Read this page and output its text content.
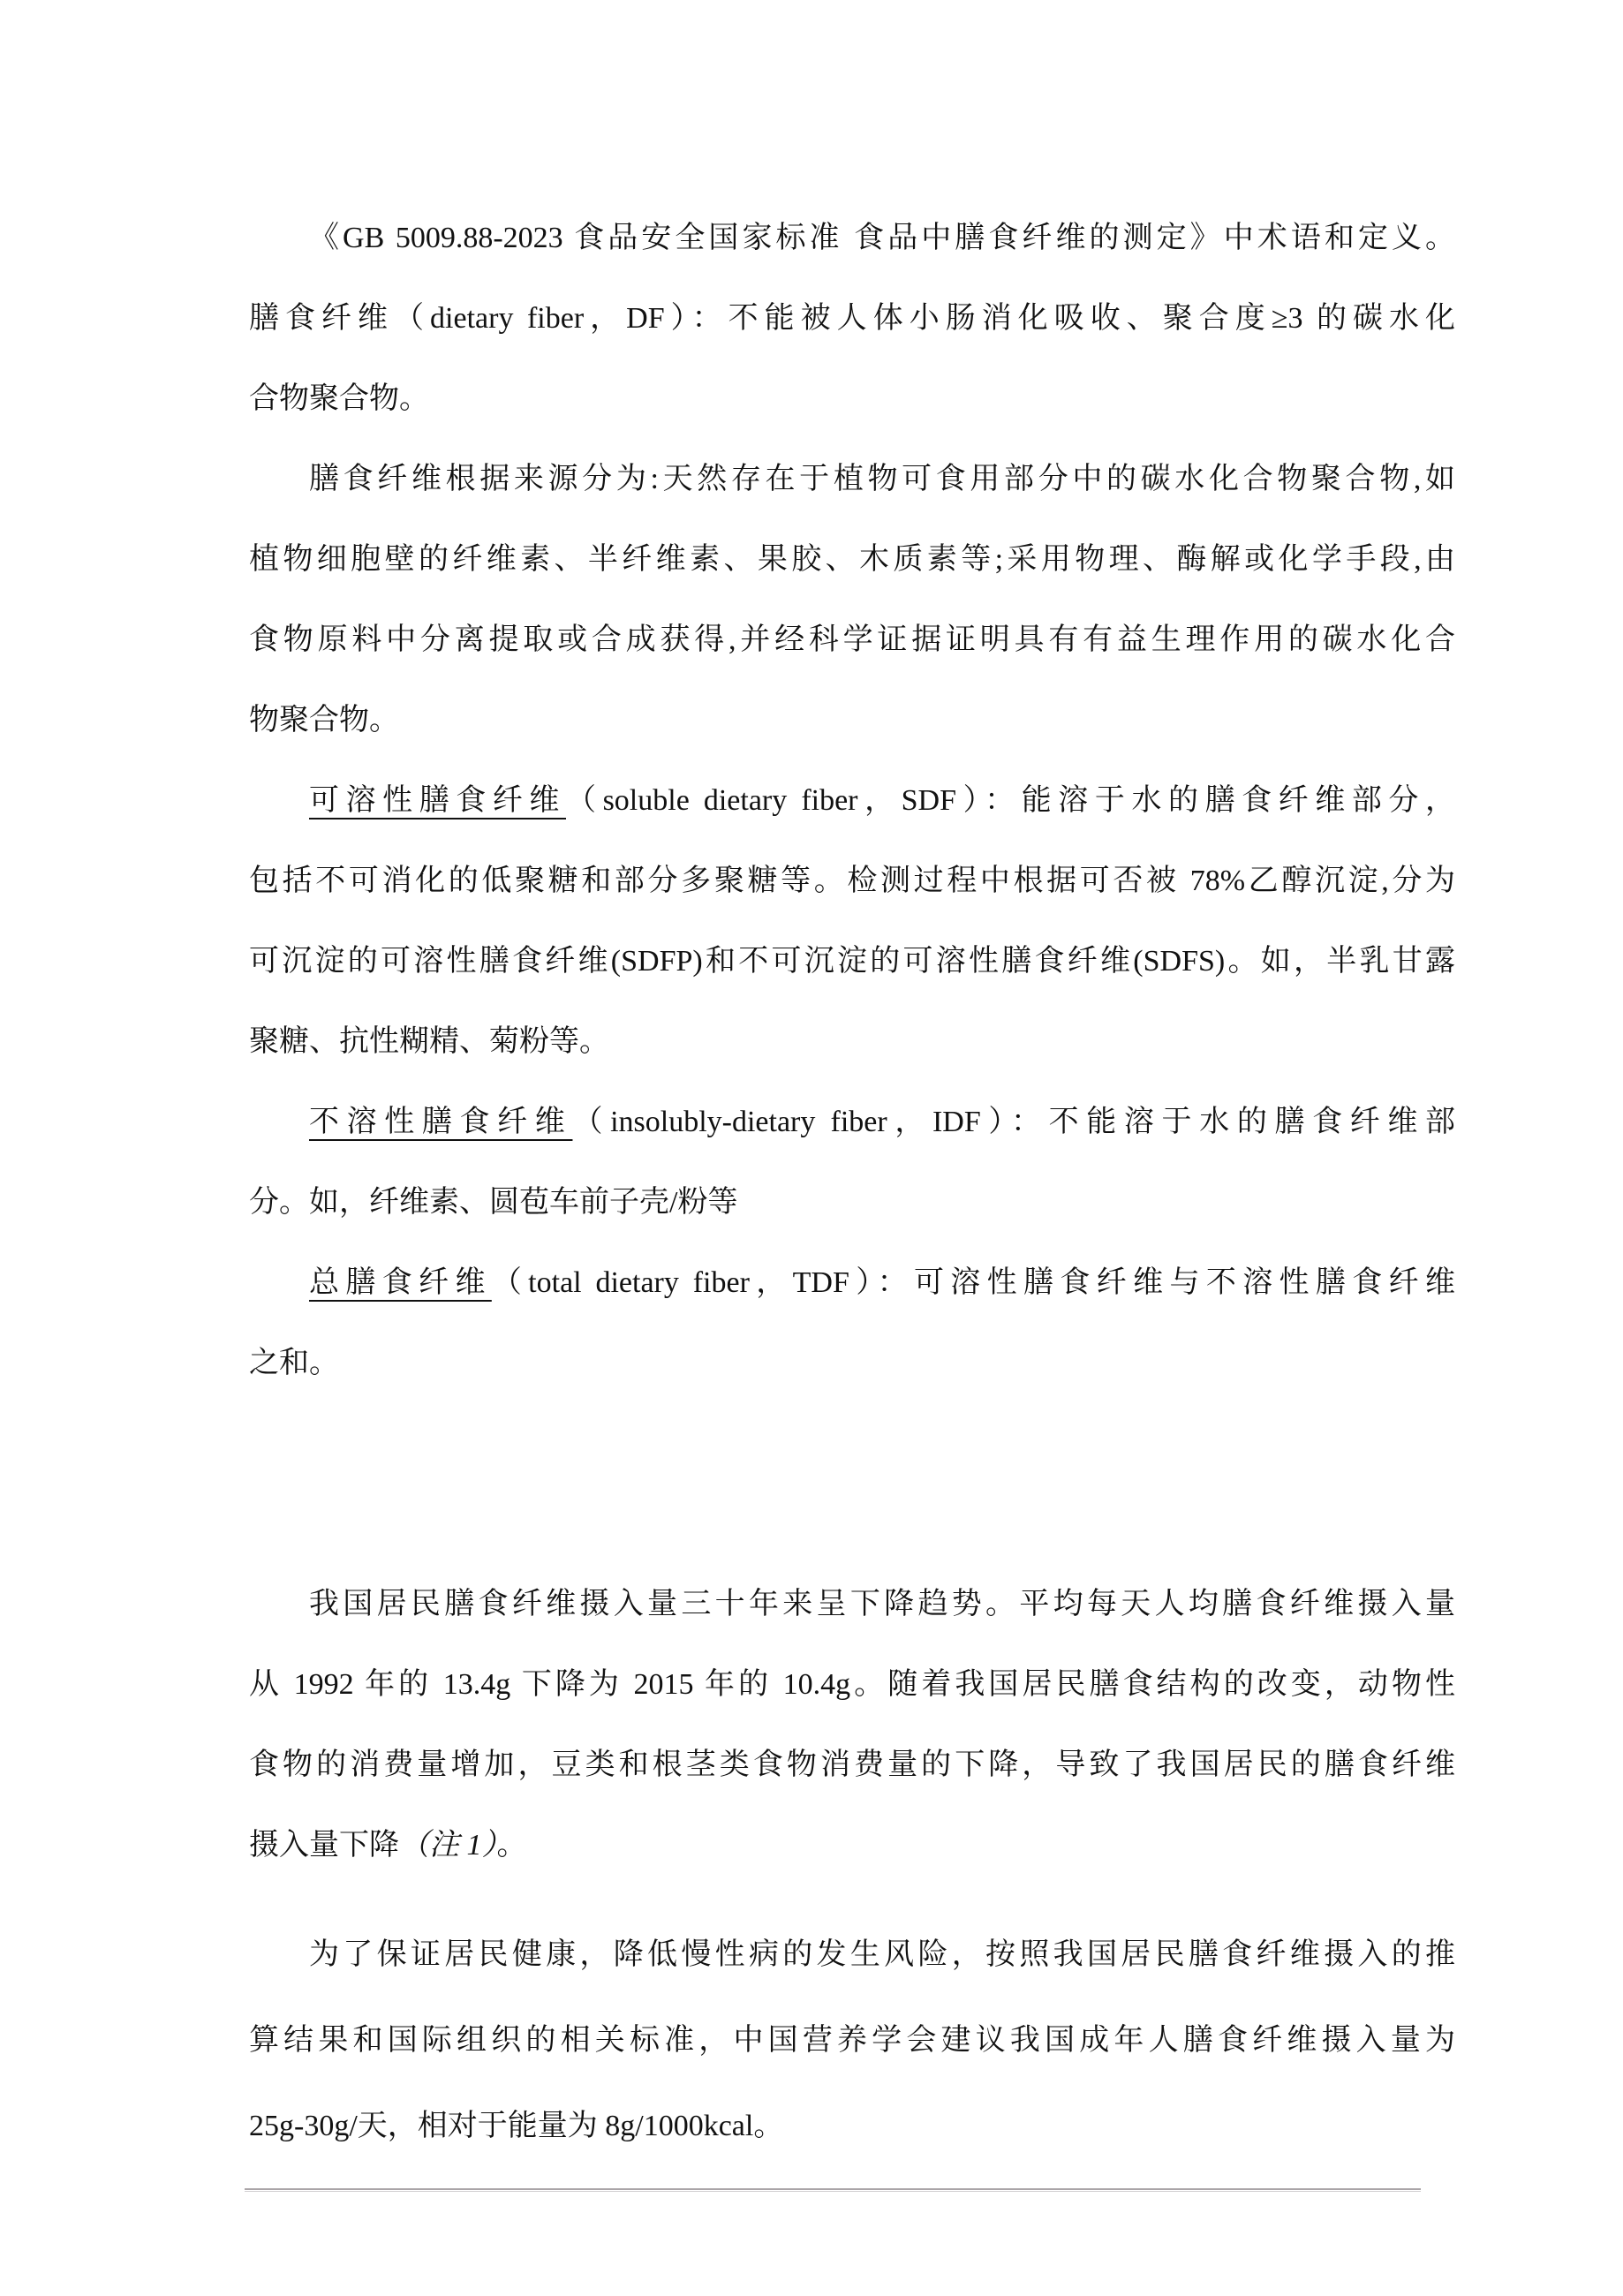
《GB 5009.88-2023 食品安全国家标准 食品中膳食纤维的测定》中术语和定义。
膳食纤维（dietary fiber，DF）：不能被人体小肠消化吸收、聚合度≥3 的碳水化
合物聚合物。
膳食纤维根据来源分为:天然存在于植物可食用部分中的碳水化合物聚合物,如
植物细胞壁的纤维素、半纤维素、果胶、木质素等;采用物理、酶解或化学手段,由
食物原料中分离提取或合成获得,并经科学证据证明具有有益生理作用的碳水化合
物聚合物。
可溶性膳食纤维（soluble dietary fiber，SDF）：能溶于水的膳食纤维部分，
包括不可消化的低聚糖和部分多聚糖等。检测过程中根据可否被 78%乙醇沉淀,分为
可沉淀的可溶性膳食纤维(SDFP)和不可沉淀的可溶性膳食纤维(SDFS)。如，半乳甘露
聚糖、抗性糊精、菊粉等。
不溶性膳食纤维（insolubly-dietary fiber，IDF）：不能溶于水的膳食纤维部
分。如，纤维素、圆苞车前子壳/粉等
总膳食纤维（total dietary fiber，TDF）：可溶性膳食纤维与不溶性膳食纤维
之和。
我国居民膳食纤维摄入量三十年来呈下降趋势。平均每天人均膳食纤维摄入量
从 1992 年的 13.4g 下降为 2015 年的 10.4g。随着我国居民膳食结构的改变，动物性
食物的消费量增加，豆类和根茎类食物消费量的下降，导致了我国居民的膳食纤维
摄入量下降（注 1）。
为了保证居民健康，降低慢性病的发生风险，按照我国居民膳食纤维摄入的推
算结果和国际组织的相关标准，中国营养学会建议我国成年人膳食纤维摄入量为
25g-30g/天，相对于能量为 8g/1000kcal。
